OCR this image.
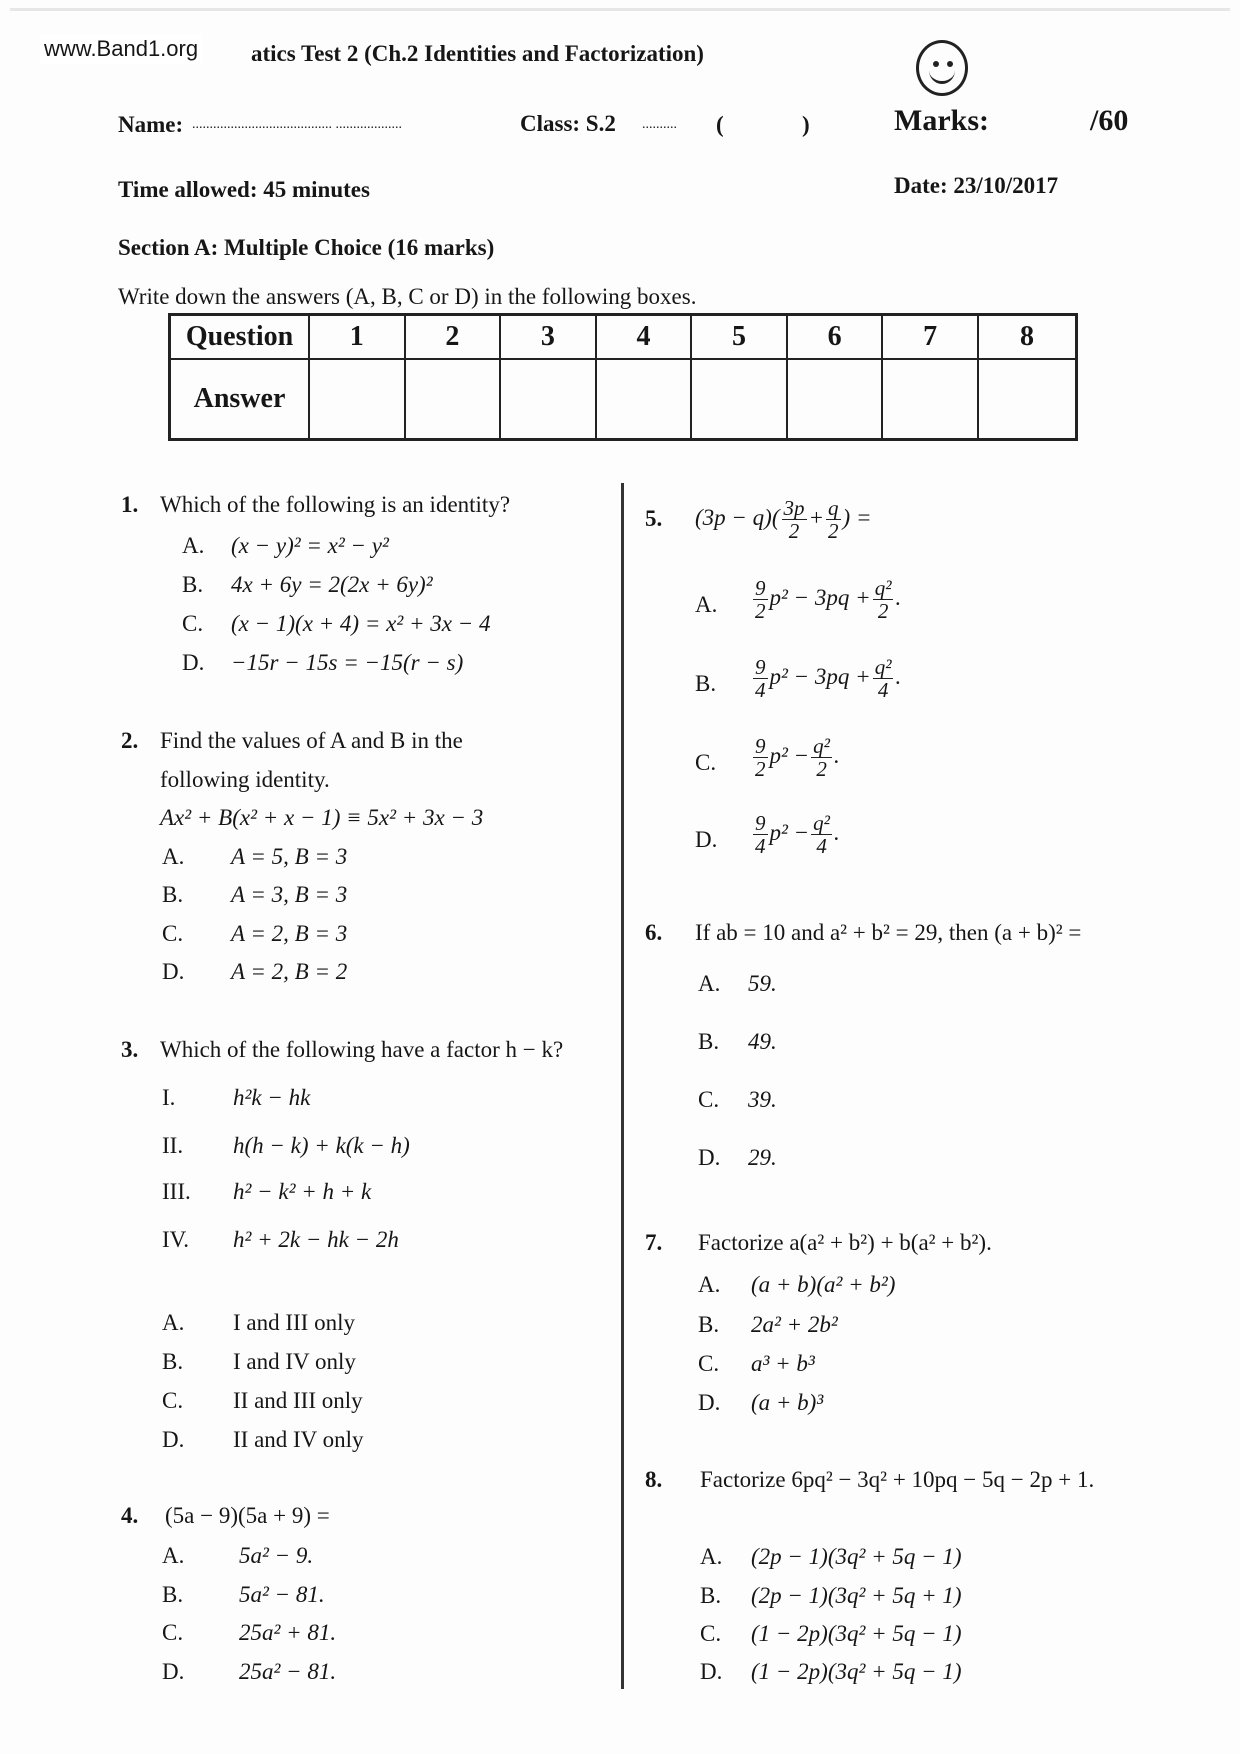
www.Band1.org atics Test 2 (Ch.2 Identities and Factorization)
Name: ........................................ ...................	Class: S.2 .......... (	)	Marks:	/60
Time allowed: 45 minutes	Date: 23/10/2017
Section A: Multiple Choice (16 marks)
Write down the answers (A, B, C or D) in the following boxes.
Question	1	2	3	4	5	6	7	8
Answer								
1. Which of the following is an identity?
A. (x − y)² = x² − y²
B. 4x + 6y = 2(2x + 6y)²
C. (x − 1)(x + 4) = x² + 3x − 4
D. −15r − 15s = −15(r − s)
2. Find the values of A and B in the
following identity.
Ax² + B(x² + x − 1) ≡ 5x² + 3x − 3
A. A = 5, B = 3
B. A = 3, B = 3
C. A = 2, B = 3
D. A = 2, B = 2
3. Which of the following have a factor h − k?
I.	h²k − hk
II. h(h − k) + k(k − h)
III. h² − k² + h + k
IV. h² + 2k − hk − 2h
A. I and III only
B. I and IV only
C. II and III only
D. II and IV only
4. (5a − 9)(5a + 9) =
A. 5a² − 9.
B. 5a² − 81.
C. 25a² + 81.
D. 25a² − 81.
5. $(3p - q)( \frac{3p}{2} + \frac{q}{2}$ ) =
A. $\frac{9}{2} p^2 - 3pq + \frac{\text{q²}}{2}$ .
B. $\frac{9}{4} p^2 - 3pq + \frac{\text{q²}}{4}$ .
C. $\frac{9}{2} p^2 - \frac{\text{q²}}{2}$ .
D. $\frac{9}{4} p^2 - \frac{\text{q²}}{4}$ .
6. If ab = 10 and a² + b² = 29, then (a + b)² =
A. 59.
B. 49.
C. 39.
D. 29.
7. Factorize a(a² + b²) + b(a² + b²).
A. (a + b)(a² + b²)
B. 2a² + 2b²
C. a³ + b³
D. (a + b)³
8. Factorize 6pq² − 3q² + 10pq − 5q − 2p + 1.
A. (2p − 1)(3q² + 5q − 1)
B. (2p − 1)(3q² + 5q + 1)
C. (1 − 2p)(3q² + 5q − 1)
D. (1 − 2p)(3q² + 5q − 1)
